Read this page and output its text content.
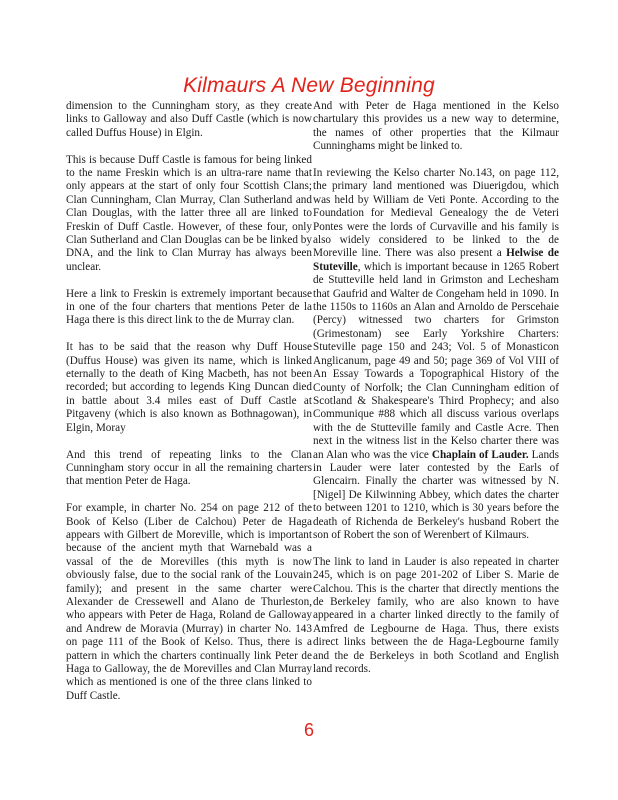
Kilmaurs A New Beginning

dimension to the Cunningham story, as they create links to Galloway and also Duff Castle (which is now called Duffus House) in Elgin.

This is because Duff Castle is famous for being linked to the name Freskin which is an ultra-rare name that only appears at the start of only four Scottish Clans; Clan Cunningham, Clan Murray, Clan Sutherland and Clan Douglas, with the latter three all are linked to Freskin of Duff Castle. However, of these four, only Clan Sutherland and Clan Douglas can be be linked by DNA, and the link to Clan Murray has always been unclear.

Here a link to Freskin is extremely important because in one of the four charters that mentions Peter de la Haga there is this direct link to the de Murray clan.

It has to be said that the reason why Duff House (Duffus House) was given its name, which is linked eternally to the death of King Macbeth, has not been recorded; but according to legends King Duncan died in battle about 3.4 miles east of Duff Castle at Pitgaveny (which is also known as Bothnagowan), in Elgin, Moray

And this trend of repeating links to the Clan Cunningham story occur in all the remaining charters that mention Peter de Haga.

For example, in charter No. 254 on page 212 of the Book of Kelso (Liber de Calchou) Peter de Haga appears with Gilbert de Moreville, which is important because of the ancient myth that Warnebald was a vassal of the de Morevilles (this myth is now obviously false, due to the social rank of the Louvain family); and present in the same charter were Alexander de Cressewell and Alano de Thurleston, who appears with Peter de Haga, Roland de Galloway and Andrew de Moravia (Murray) in charter No. 143 on page 111 of the Book of Kelso. Thus, there is a pattern in which the charters continually link Peter de Haga to Galloway, the de Morevilles and Clan Murray which as mentioned is one of the three clans linked to Duff Castle.

And with Peter de Haga mentioned in the Kelso chartulary this provides us a new way to determine, the names of other properties that the Kilmaur Cunninghams might be linked to.

In reviewing the Kelso charter No.143, on page 112, the primary land mentioned was Diuerigdou, which was held by William de Veti Ponte. According to the Foundation for Medieval Genealogy the de Veteri Pontes were the lords of Curvaville and his family is also widely considered to be linked to the de Moreville line. There was also present a Helwise de Stuteville, which is important because in 1265 Robert de Stutteville held land in Grimston and Lechesham that Gaufrid and Walter de Congeham held in 1090. In the 1150s to 1160s an Alan and Arnoldo de Perscehaie (Percy) witnessed two charters for Grimston (Grimestonam) see Early Yorkshire Charters: Stuteville page 150 and 243; Vol. 5 of Monasticon Anglicanum, page 49 and 50; page 369 of Vol VIII of An Essay Towards a Topographical History of the County of Norfolk; the Clan Cunningham edition of Scotland & Shakespeare's Third Prophecy; and also Communique #88 which all discuss various overlaps with the de Stutteville family and Castle Acre. Then next in the witness list in the Kelso charter there was an Alan who was the vice Chaplain of Lauder. Lands in Lauder were later contested by the Earls of Glencairn. Finally the charter was witnessed by N. [Nigel] De Kilwinning Abbey, which dates the charter to between 1201 to 1210, which is 30 years before the death of Richenda de Berkeley's husband Robert the son of Robert the son of Werenbert of Kilmaurs.

The link to land in Lauder is also repeated in charter 245, which is on page 201-202 of Liber S. Marie de Calchou. This is the charter that directly mentions the de Berkeley family, who are also known to have appeared in a charter linked directly to the family of Amfred de Legbourne de Haga. Thus, there exists direct links between the de Haga-Legbourne family and the de Berkeleys in both Scotland and English land records.

6
